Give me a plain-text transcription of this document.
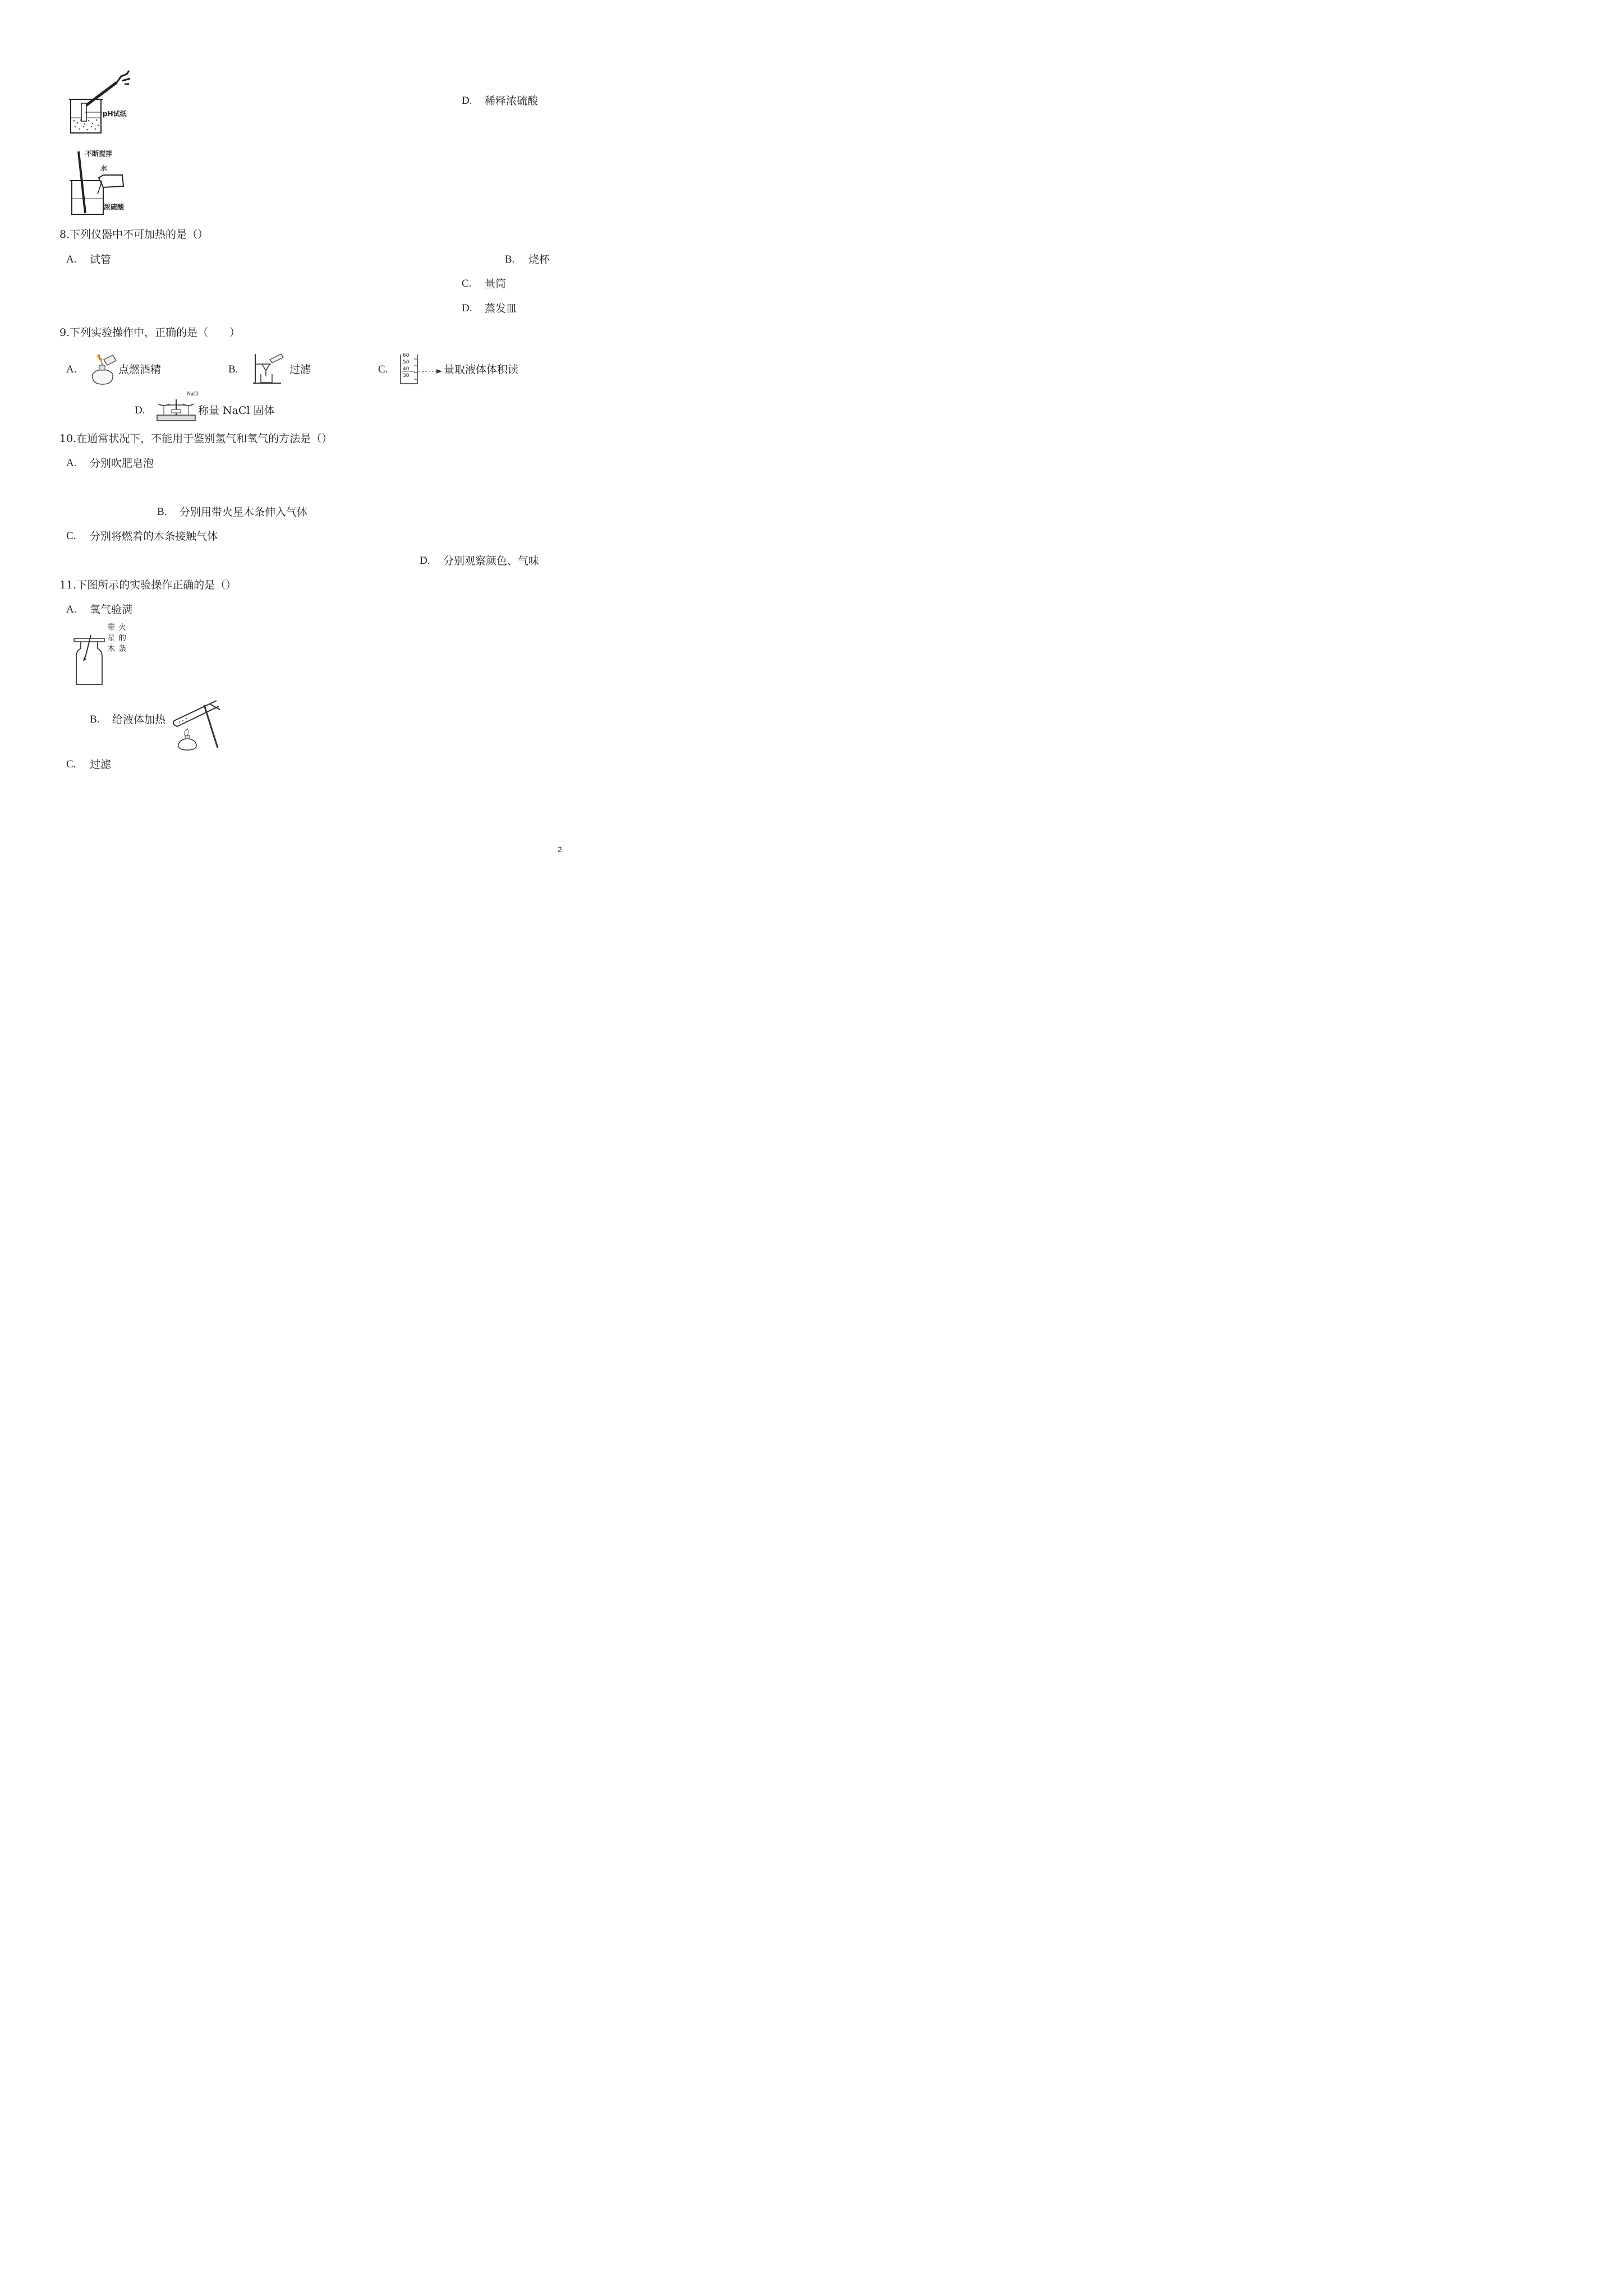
pH试纸
D. 稀释浓硫酸
不断搅拌
水
浓硫酸
8.下列仪器中不可加热的是（）
A. 试管	B. 烧杯
C. 量筒
D. 蒸发皿
9.下列实验操作中，正确的是（　　）
A.	点燃酒精	B.	过滤	C.
60
50
40
30	量取液体体积读
D.
NaCl
称量 NaCl 固体
10.在通常状况下，不能用于鉴别氢气和氧气的方法是（）
A. 分别吹肥皂泡
B. 分别用带火星木条伸入气体
C. 分别将燃着的木条接触气体
D. 分别观察颜色、气味
11.下图所示的实验操作正确的是（）
A. 氧气验满
带火
星的
木条
B. 给液体加热
C. 过滤
2
